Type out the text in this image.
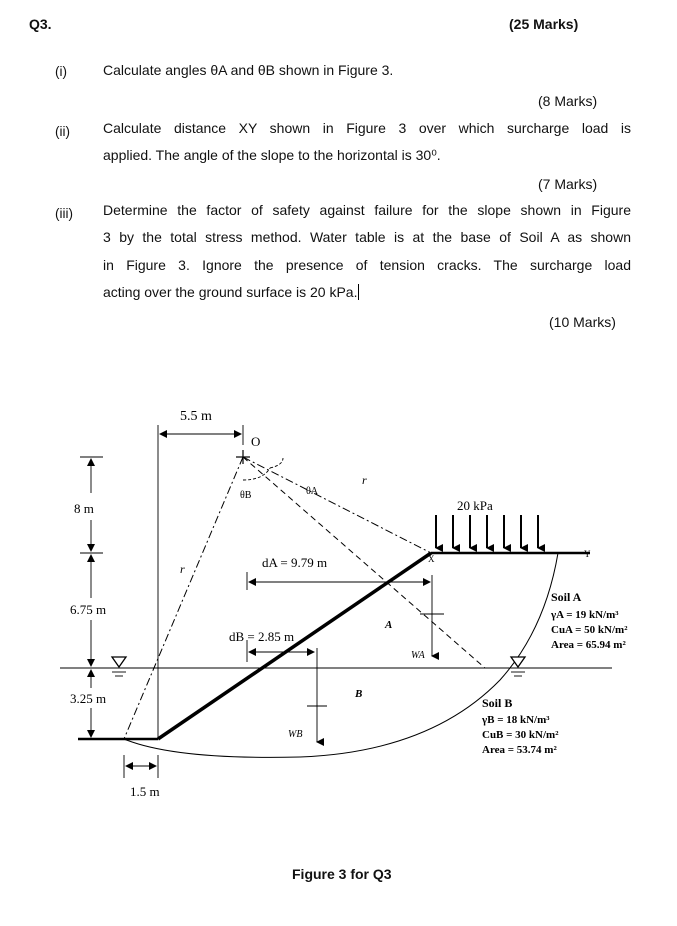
Q3.	(25 Marks)
(i)	Calculate angles θA and θB shown in Figure 3.
(8 Marks)
(ii) Calculate distance XY shown in Figure 3 over which surcharge load is
applied. The angle of the slope to the horizontal is 30⁰.
(7 Marks)
(iii) Determine the factor of safety against failure for the slope shown in Figure
3 by the total stress method. Water table is at the base of Soil A as shown
in Figure 3. Ignore the presence of tension cracks. The surcharge load
acting over the ground surface is 20 kPa.
(10 Marks)
5.5 m
O
8 m
6.75 m
3.25 m
1.5 m
θB	θA
r
r
20 kPa
X	Y
dA = 9.79 m
dB = 2.85 m
A
B
WA
WB
Soil A
γA = 19 kN/m³
CuA = 50 kN/m²
Area = 65.94 m²
Soil B
γB = 18 kN/m³
CuB = 30 kN/m²
Area = 53.74 m²
Figure 3 for Q3
